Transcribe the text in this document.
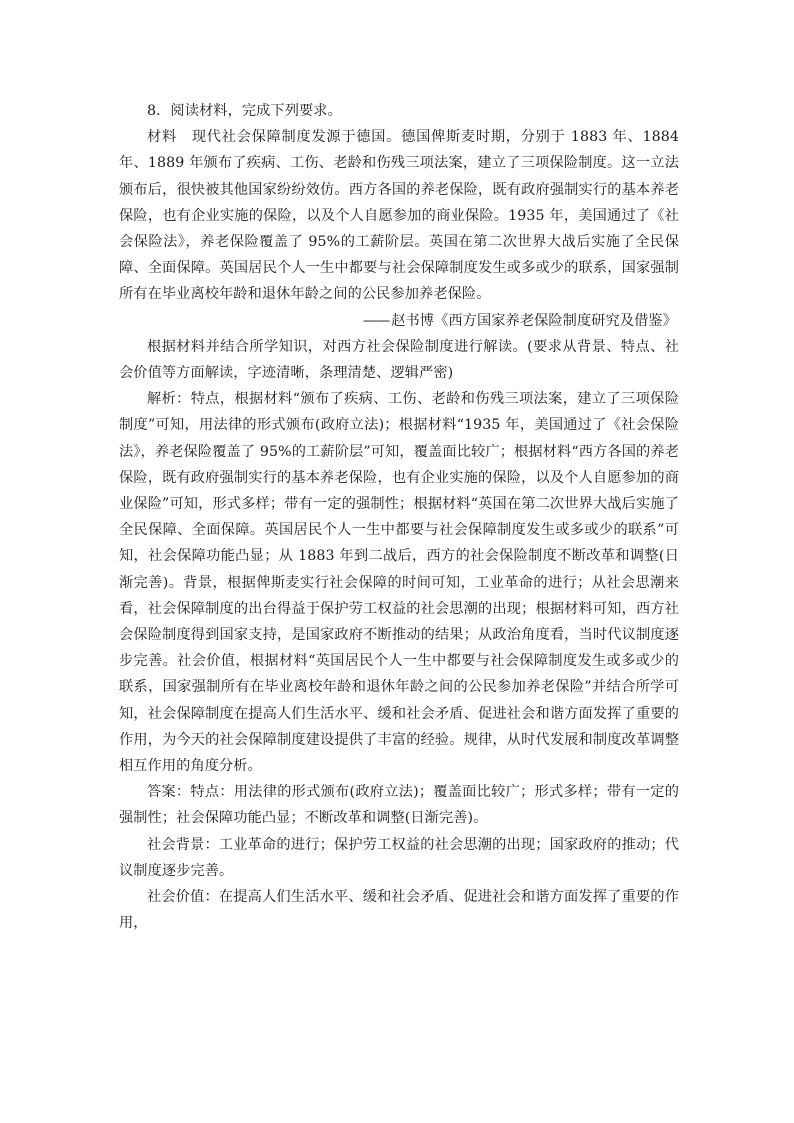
8．阅读材料，完成下列要求。

材料　 现代社会保障制度发源于德国。德国俾斯麦时期，分别于 1883 年、1884 年、1889 年颁布了疾病、工伤、老龄和伤残三项法案，建立了三项保险制度。这一立法颁布后，很快被其他国家纷纷效仿。西方各国的养老保险，既有政府强制实行的基本养老保险，也有企业实施的保险，以及个人自愿参加的商业保险。1935 年，美国通过了《社会保险法》，养老保险覆盖了 95%的工薪阶层。英国在第二次世界大战后实施了全民保障、全面保障。英国居民个人一生中都要与社会保障制度发生或多或少的联系，国家强制所有在毕业离校年龄和退休年龄之间的公民参加养老保险。

—— 赵书博《西方国家养老保险制度研究及借鉴》

根据材料并结合所学知识，对西方社会保险制度进行解读。(要求从背景、特点、社会价值等方面解读，字迹清晰，条理清楚、逻辑严密)

解析：特点，根据材料“颁布了疾病、工伤、老龄和伤残三项法案，建立了三项保险制度”可知，用法律的形式颁布(政府立法)；根据材料“1935 年，美国通过了《社会保险法》，养老保险覆盖了 95%的工薪阶层”可知，覆盖面比较广；根据材料“西方各国的养老保险，既有政府强制实行的基本养老保险，也有企业实施的保险，以及个人自愿参加的商业保险”可知，形式多样；带有一定的强制性；根据材料“英国在第二次世界大战后实施了全民保障、全面保障。英国居民个人一生中都要与社会保障制度发生或多或少的联系”可知，社会保障功能凸显；从 1883 年到二战后，西方的社会保险制度不断改革和调整(日渐完善)。背景，根据俾斯麦实行社会保障的时间可知，工业革命的进行；从社会思潮来看，社会保障制度的出台得益于保护劳工权益的社会思潮的出现；根据材料可知，西方社会保险制度得到国家支持，是国家政府不断推动的结果；从政治角度看，当时代议制度逐步完善。社会价值，根据材料“英国居民个人一生中都要与社会保障制度发生或多或少的联系，国家强制所有在毕业离校年龄和退休年龄之间的公民参加养老保险”并结合所学可知，社会保障制度在提高人们生活水平、缓和社会矛盾、促进社会和谐方面发挥了重要的作用，为今天的社会保障制度建设提供了丰富的经验。规律，从时代发展和制度改革调整相互作用的角度分析。

答案：特点：用法律的形式颁布(政府立法)；覆盖面比较广；形式多样；带有一定的强制性；社会保障功能凸显；不断改革和调整(日渐完善)。

社会背景：工业革命的进行；保护劳工权益的社会思潮的出现；国家政府的推动；代议制度逐步完善。

社会价值：在提高人们生活水平、缓和社会矛盾、促进社会和谐方面发挥了重要的作用，
